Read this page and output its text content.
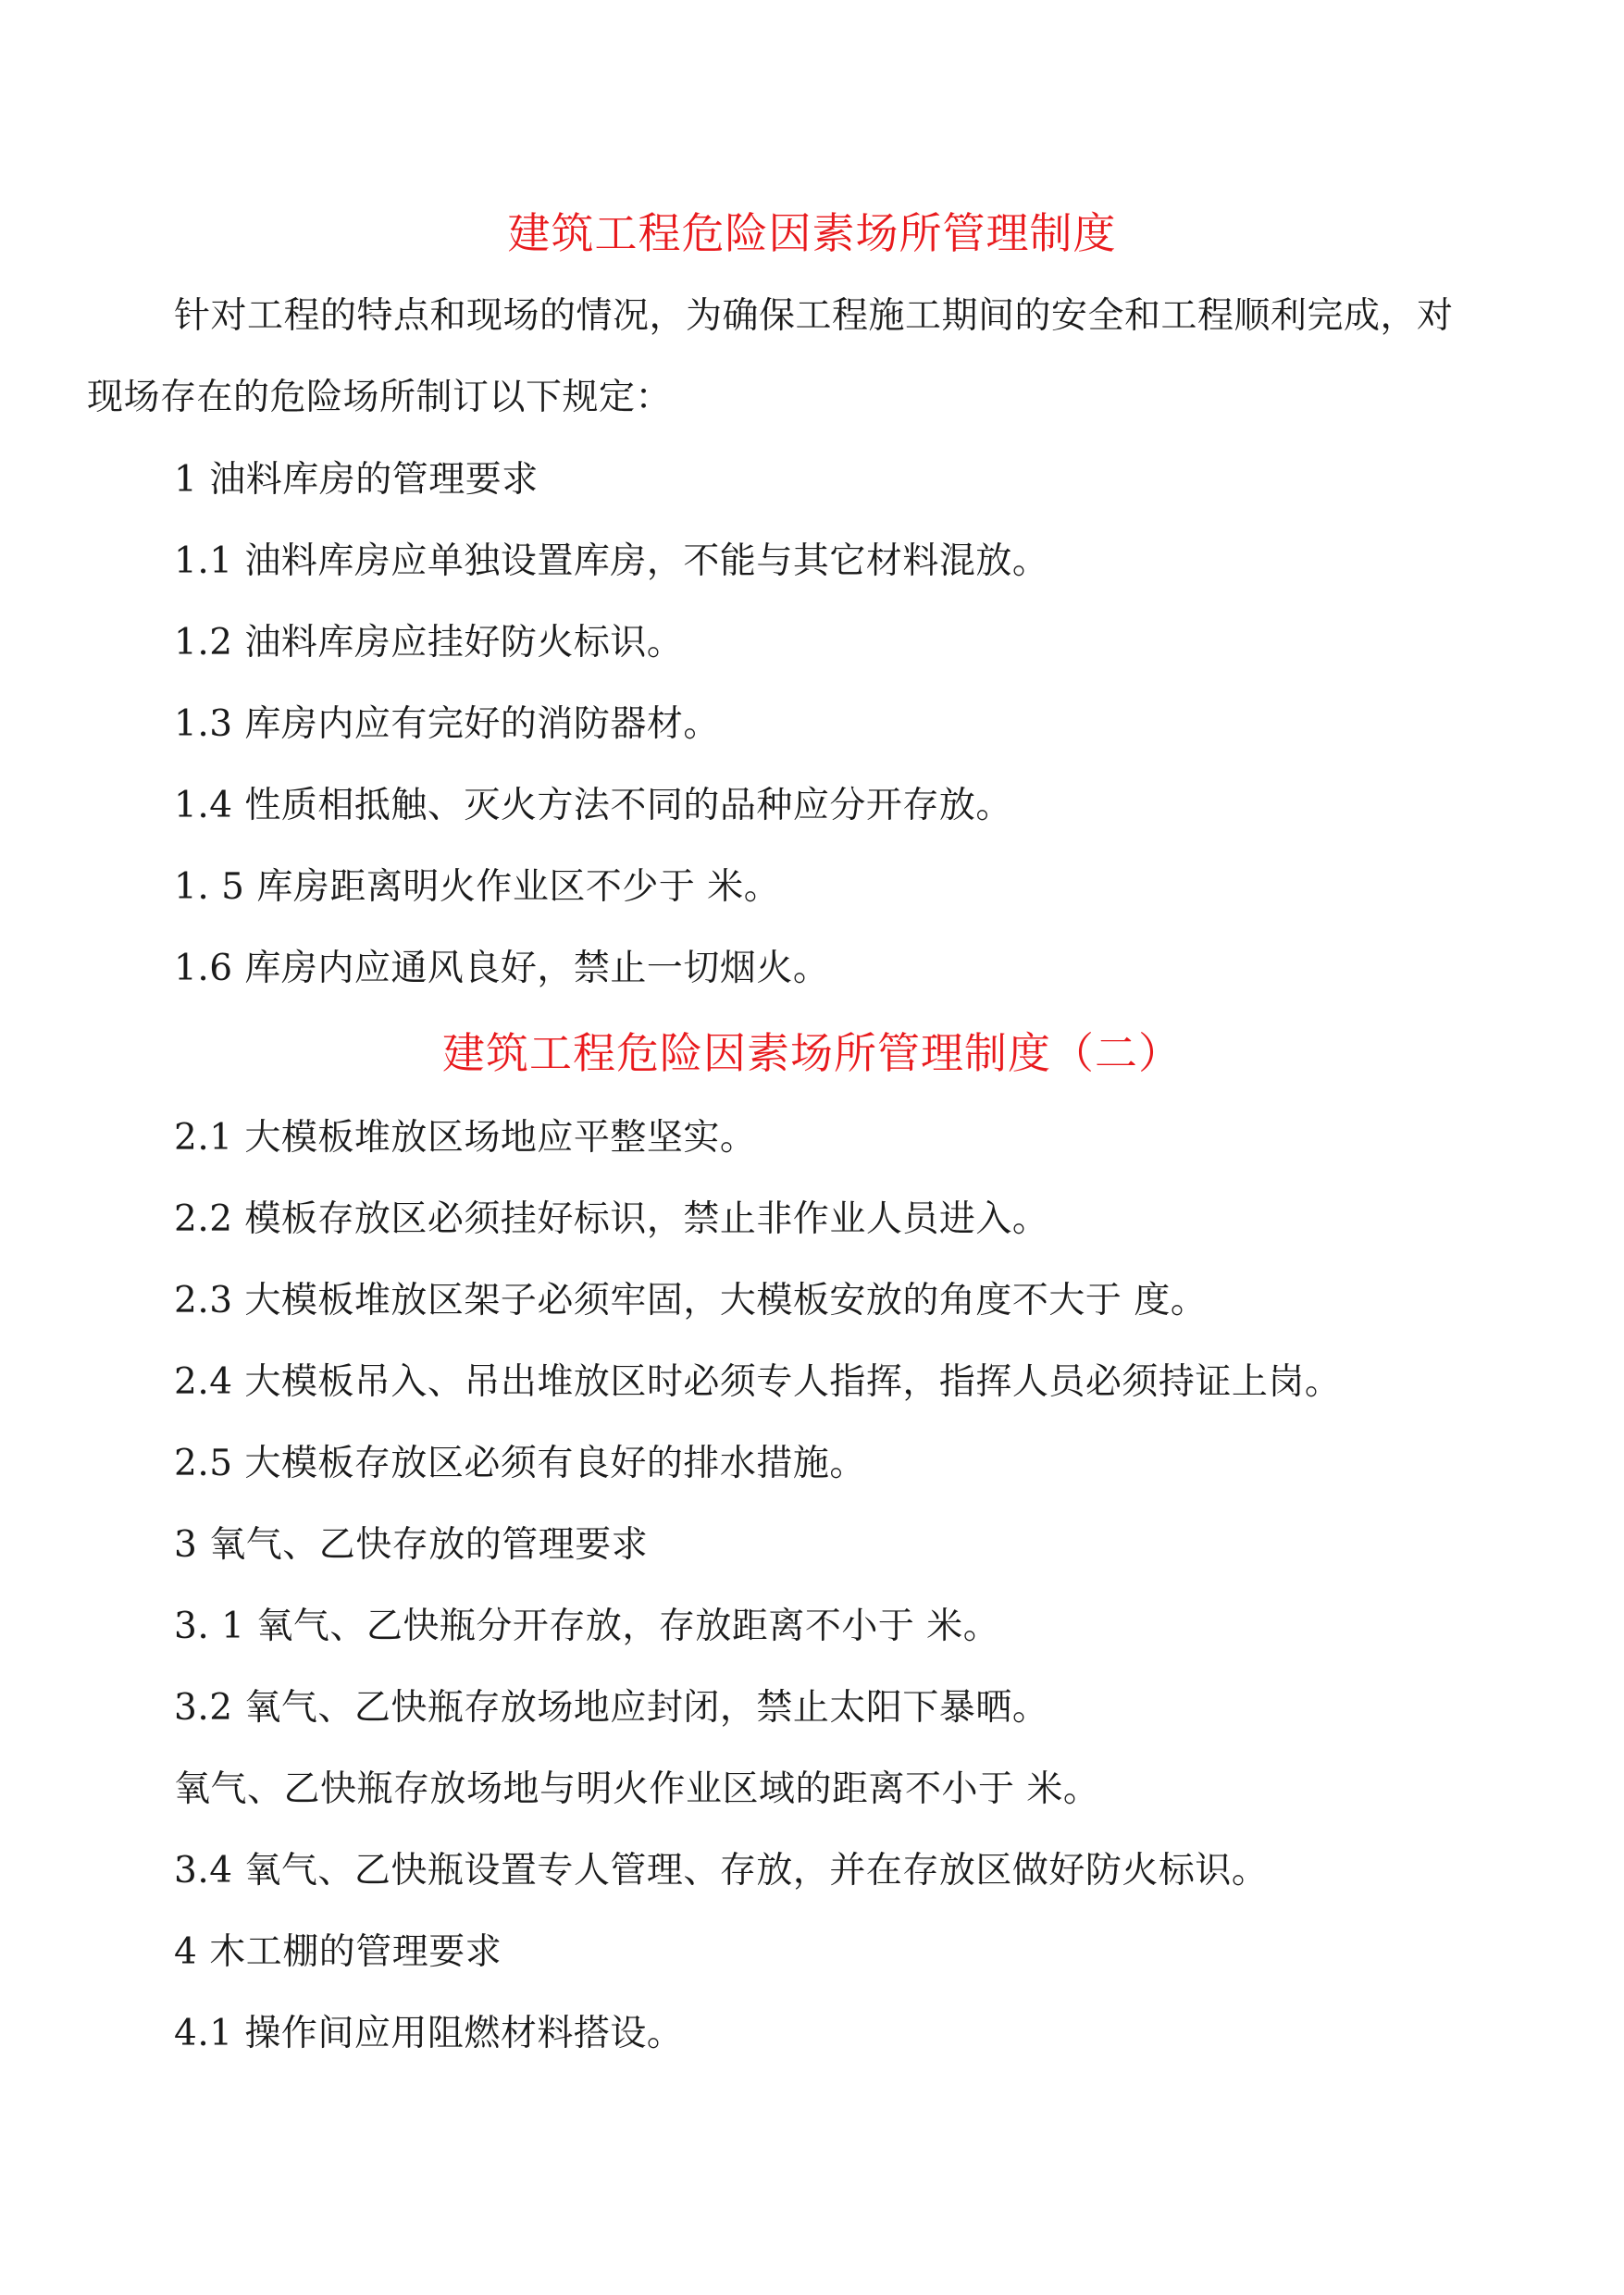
建筑工程危险因素场所管理制度
针对工程的特点和现场的情况，为确保工程施工期间的安全和工程顺利完成，对
现场存在的危险场所制订以下规定：
1 油料库房的管理要求
1.1 油料库房应单独设置库房，不能与其它材料混放。
1.2 油料库房应挂好防火标识。
1.3 库房内应有完好的消防器材。
1.4 性质相抵触、灭火方法不同的品种应分开存放。
1. 5 库房距离明火作业区不少于 米。
1.6 库房内应通风良好，禁止一切烟火。
建筑工程危险因素场所管理制度（二）
2.1 大模板堆放区场地应平整坚实。
2.2 模板存放区必须挂好标识，禁止非作业人员进入。
2.3 大模板堆放区架子必须牢固，大模板安放的角度不大于 度。
2.4 大模板吊入、吊出堆放区时必须专人指挥，指挥人员必须持证上岗。
2.5 大模板存放区必须有良好的排水措施。
3 氧气、乙快存放的管理要求
3. 1 氧气、乙快瓶分开存放，存放距离不小于 米。
3.2 氧气、乙快瓶存放场地应封闭，禁止太阳下暴晒。
氧气、乙快瓶存放场地与明火作业区域的距离不小于 米。
3.4 氧气、乙快瓶设置专人管理、存放，并在存放区做好防火标识。
4 木工棚的管理要求
4.1 操作间应用阻燃材料搭设。
